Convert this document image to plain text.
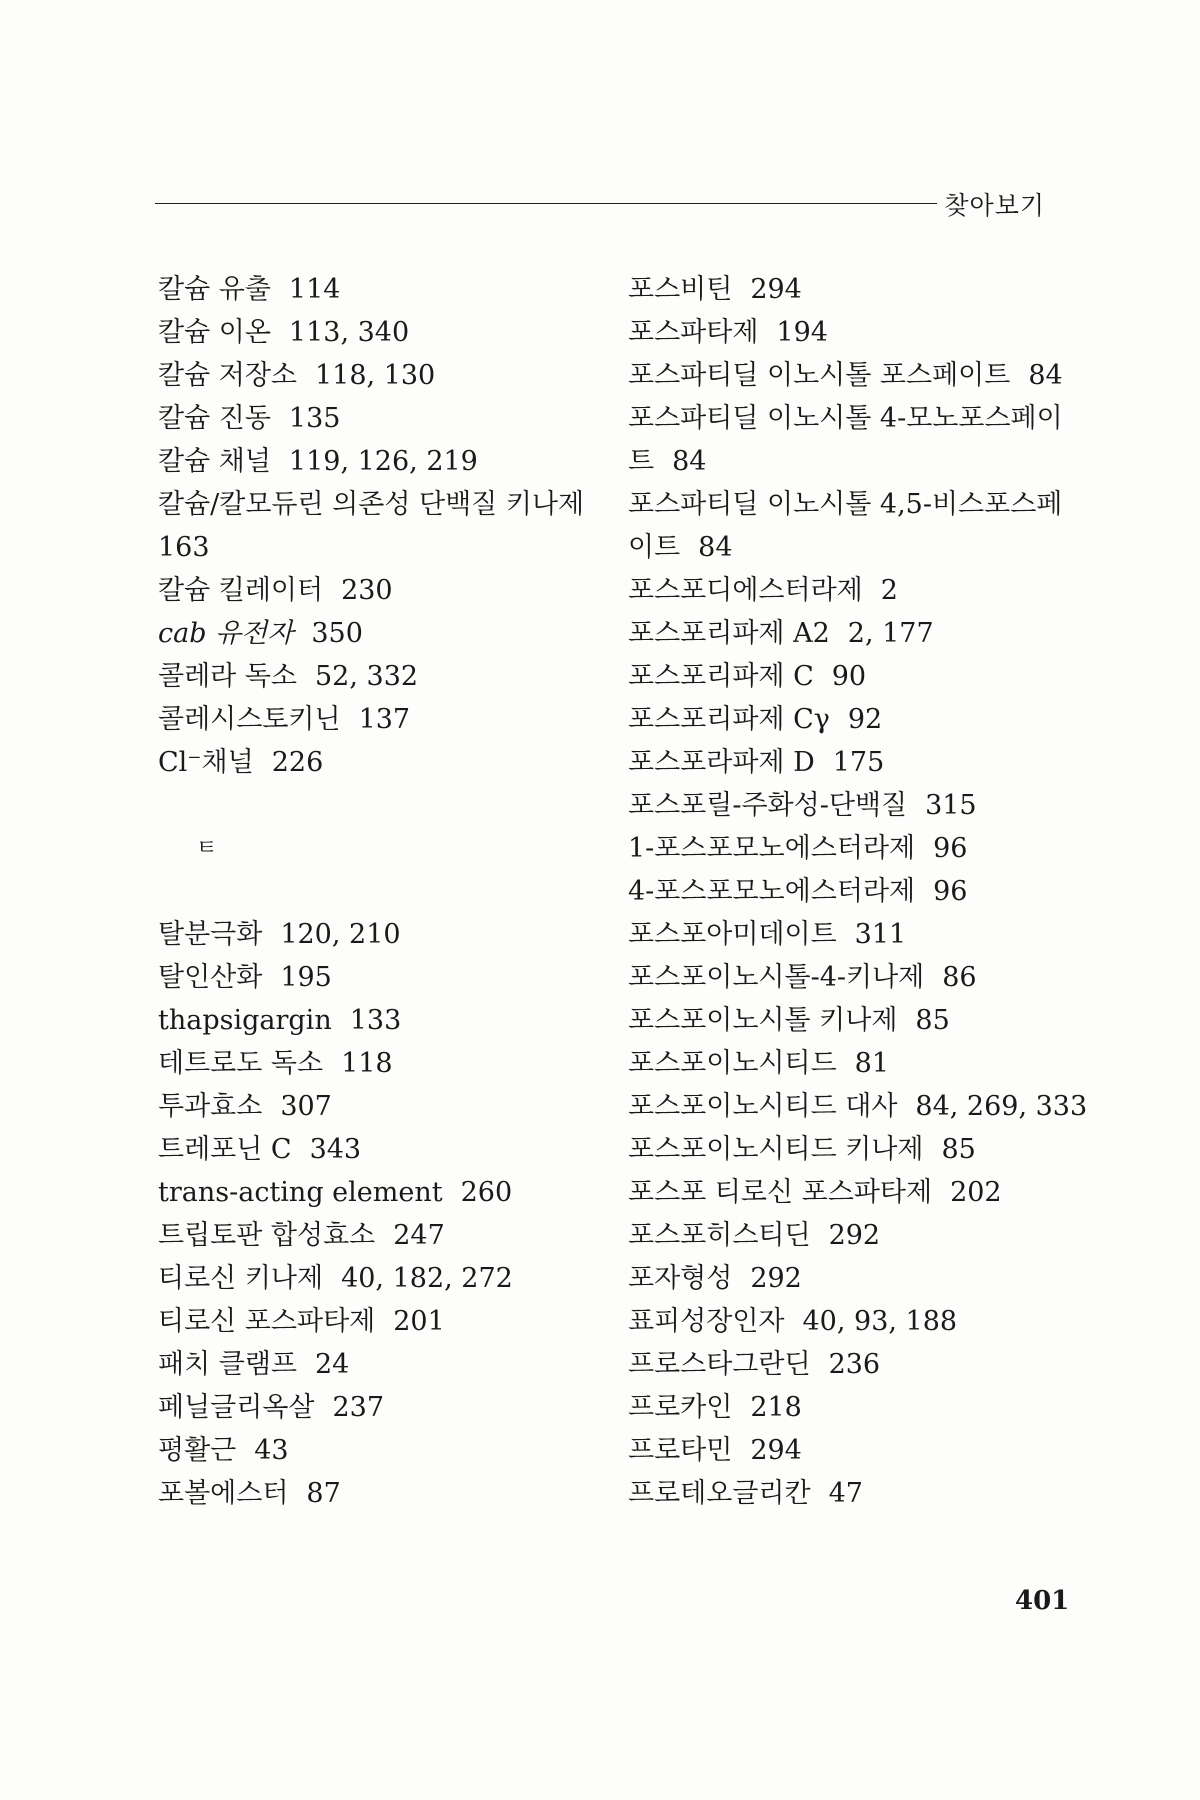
찾아보기
칼슘 유출 114
칼슘 이온 113, 340
칼슘 저장소 118, 130
칼슘 진동 135
칼슘 채널 119, 126, 219
칼슘/칼모듀린 의존성 단백질 키나제
163
칼슘 킬레이터 230
cab 유전자 350
콜레라 독소 52, 332
콜레시스토키닌 137
Cl⁻채널 226
ㅌ
탈분극화 120, 210
탈인산화 195
thapsigargin 133
테트로도 독소 118
투과효소 307
트레포닌 C 343
trans-acting element 260
트립토판 합성효소 247
티로신 키나제 40, 182, 272
티로신 포스파타제 201
패치 클램프 24
페닐글리옥살 237
평활근 43
포볼에스터 87
포스비틴 294
포스파타제 194
포스파티딜 이노시톨 포스페이트 84
포스파티딜 이노시톨 4-모노포스페이
트 84
포스파티딜 이노시톨 4,5-비스포스페
이트 84
포스포디에스터라제 2
포스포리파제 A2 2, 177
포스포리파제 C 90
포스포리파제 Cγ 92
포스포라파제 D 175
포스포릴-주화성-단백질 315
1-포스포모노에스터라제 96
4-포스포모노에스터라제 96
포스포아미데이트 311
포스포이노시톨-4-키나제 86
포스포이노시톨 키나제 85
포스포이노시티드 81
포스포이노시티드 대사 84, 269, 333
포스포이노시티드 키나제 85
포스포 티로신 포스파타제 202
포스포히스티딘 292
포자형성 292
표피성장인자 40, 93, 188
프로스타그란딘 236
프로카인 218
프로타민 294
프로테오글리칸 47
401
